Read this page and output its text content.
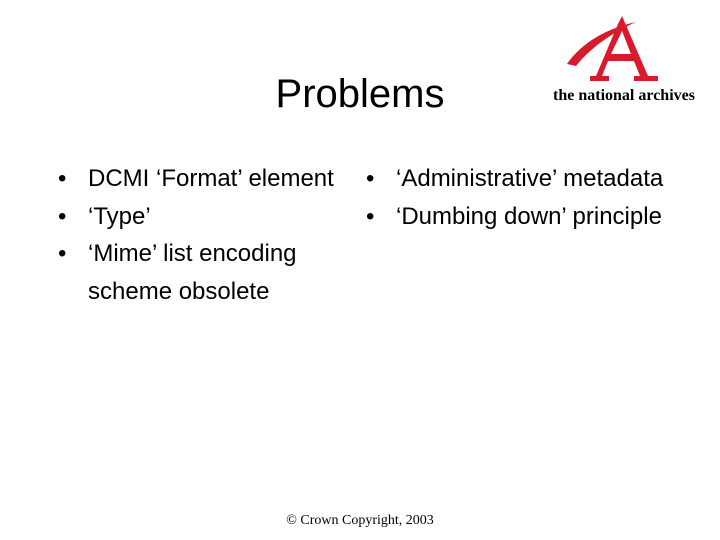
Problems	the national archives
• DCMI ‘Format’ element
• ‘Type’
• ‘Mime’ list encoding scheme obsolete
• ‘Administrative’ metadata
• ‘Dumbing down’ principle
© Crown Copyright, 2003
